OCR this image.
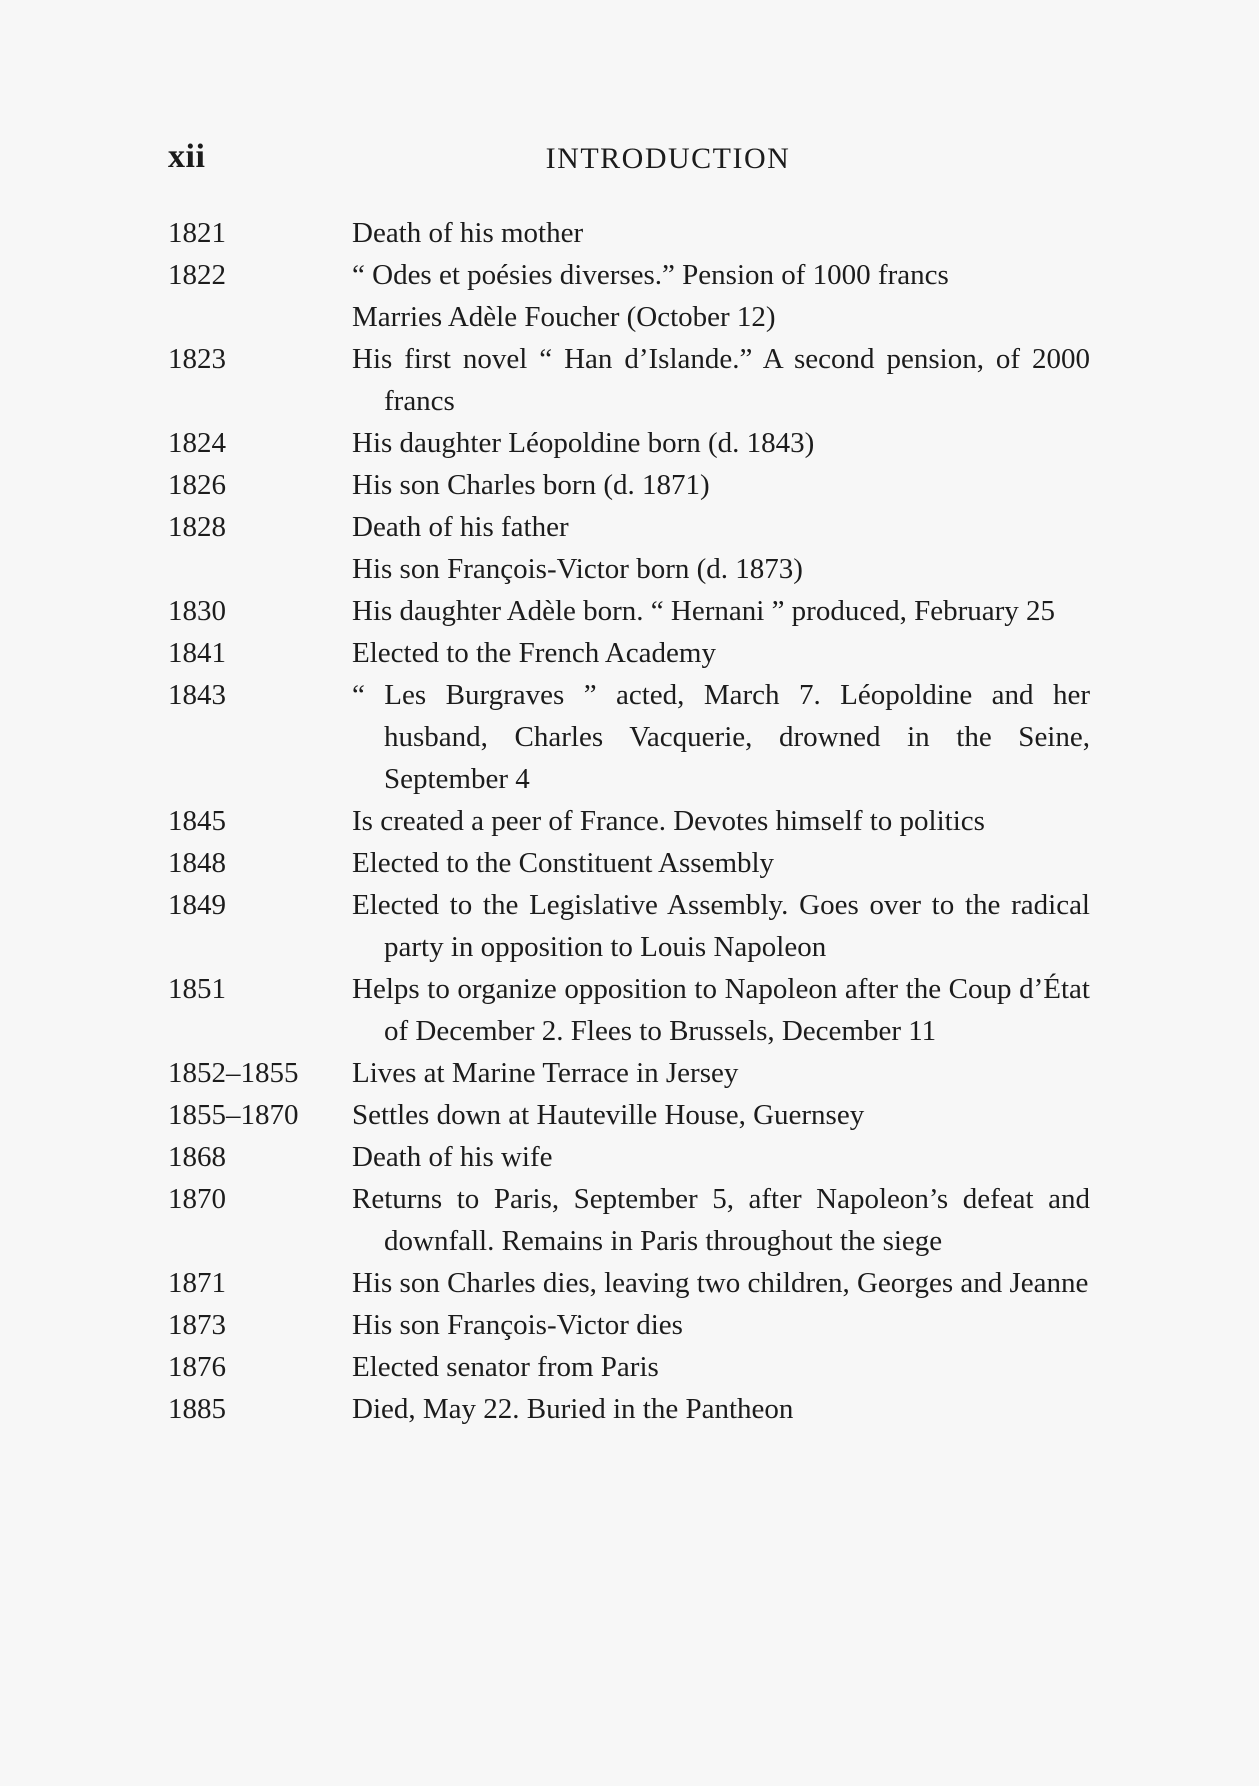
xii	INTRODUCTION
1821	Death of his mother
1822	“ Odes et poésies diverses.” Pension of 1000 francs
Marries Adèle Foucher (October 12)
1823	His first novel “ Han d’Islande.” A second pension, of 2000 francs
1824	His daughter Léopoldine born (d. 1843)
1826	His son Charles born (d. 1871)
1828	Death of his father
His son François-Victor born (d. 1873)
1830	His daughter Adèle born. “ Hernani ” produced, February 25
1841	Elected to the French Academy
1843	“ Les Burgraves ” acted, March 7. Léopoldine and her husband, Charles Vacquerie, drowned in the Seine, September 4
1845	Is created a peer of France. Devotes himself to politics
1848	Elected to the Constituent Assembly
1849	Elected to the Legislative Assembly. Goes over to the radical party in opposition to Louis Napoleon
1851	Helps to organize opposition to Napoleon after the Coup d’État of December 2. Flees to Brussels, December 11
1852–1855	Lives at Marine Terrace in Jersey
1855–1870	Settles down at Hauteville House, Guernsey
1868	Death of his wife
1870	Returns to Paris, September 5, after Napoleon’s defeat and downfall. Remains in Paris throughout the siege
1871	His son Charles dies, leaving two children, Georges and Jeanne
1873	His son François-Victor dies
1876	Elected senator from Paris
1885	Died, May 22. Buried in the Pantheon
